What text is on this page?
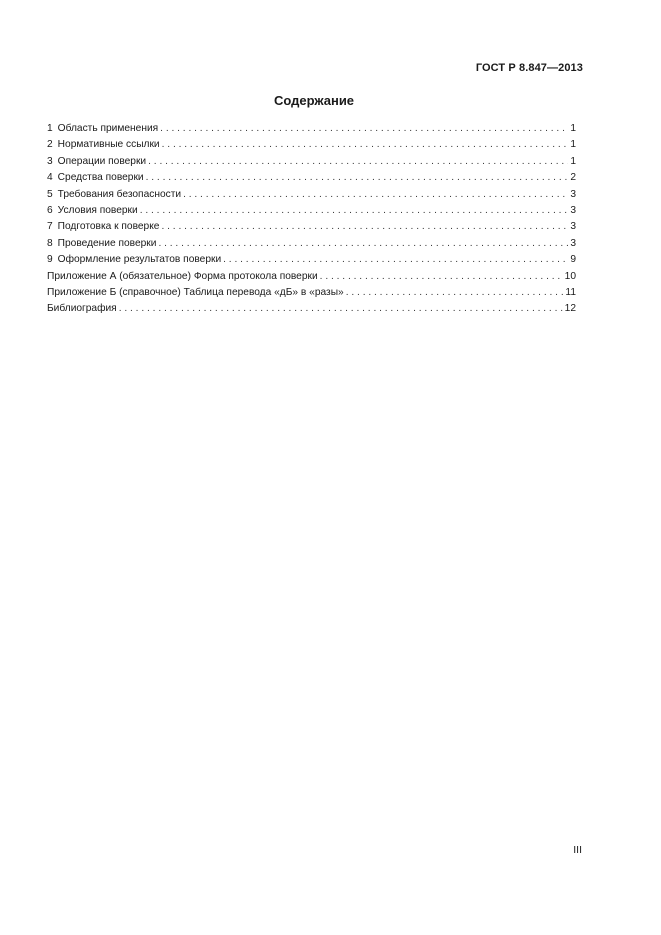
ГОСТ Р 8.847—2013
Содержание
1 Область применения . . .	1
2 Нормативные ссылки . . .	1
3 Операции поверки . . .	1
4 Средства поверки . . .	2
5 Требования безопасности . . .	3
6 Условия поверки . . .	3
7 Подготовка к поверке . . .	3
8 Проведение поверки . . .	3
9 Оформление результатов поверки . . .	9
Приложение А (обязательное) Форма протокола поверки . . .	10
Приложение Б (справочное) Таблица перевода «дБ» в «разы» . . .	11
Библиография . . .	12
III
